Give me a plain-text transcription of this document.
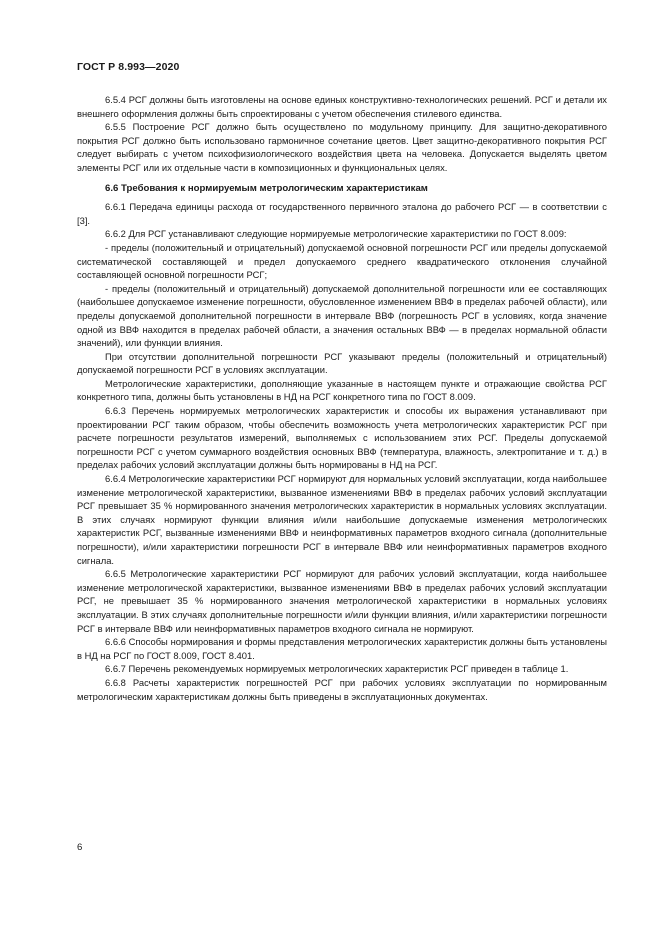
ГОСТ Р 8.993—2020

6.5.4 РСГ должны быть изготовлены на основе единых конструктивно-технологических решений. РСГ и детали их внешнего оформления должны быть спроектированы с учетом обеспечения стилевого единства.

6.5.5 Построение РСГ должно быть осуществлено по модульному принципу. Для защитно-декоративного покрытия РСГ должно быть использовано гармоничное сочетание цветов. Цвет защитно-декоративного покрытия РСГ следует выбирать с учетом психофизиологического воздействия цвета на человека. Допускается выделять цветом элементы РСГ или их отдельные части в композиционных и функциональных целях.

6.6 Требования к нормируемым метрологическим характеристикам

6.6.1 Передача единицы расхода от государственного первичного эталона до рабочего РСГ — в соответствии с [3].

6.6.2 Для РСГ устанавливают следующие нормируемые метрологические характеристики по ГОСТ 8.009:

- пределы (положительный и отрицательный) допускаемой основной погрешности РСГ или пределы допускаемой систематической составляющей и предел допускаемого среднего квадратического отклонения случайной составляющей основной погрешности РСГ;

- пределы (положительный и отрицательный) допускаемой дополнительной погрешности или ее составляющих (наибольшее допускаемое изменение погрешности, обусловленное изменением ВВФ в пределах рабочей области), или пределы допускаемой дополнительной погрешности в интервале ВВФ (погрешность РСГ в условиях, когда значение одной из ВВФ находится в пределах рабочей области, а значения остальных ВВФ — в пределах нормальной области значений), или функции влияния.

При отсутствии дополнительной погрешности РСГ указывают пределы (положительный и отрицательный) допускаемой погрешности РСГ в условиях эксплуатации.

Метрологические характеристики, дополняющие указанные в настоящем пункте и отражающие свойства РСГ конкретного типа, должны быть установлены в НД на РСГ конкретного типа по ГОСТ 8.009.

6.6.3 Перечень нормируемых метрологических характеристик и способы их выражения устанавливают при проектировании РСГ таким образом, чтобы обеспечить возможность учета метрологических характеристик РСГ при расчете погрешности результатов измерений, выполняемых с использованием этих РСГ. Пределы допускаемой погрешности РСГ с учетом суммарного воздействия основных ВВФ (температура, влажность, электропитание и т. д.) в пределах рабочих условий эксплуатации должны быть нормированы в НД на РСГ.

6.6.4 Метрологические характеристики РСГ нормируют для нормальных условий эксплуатации, когда наибольшее изменение метрологической характеристики, вызванное изменениями ВВФ в пределах рабочих условий эксплуатации РСГ превышает 35 % нормированного значения метрологических характеристик в нормальных условиях эксплуатации. В этих случаях нормируют функции влияния и/или наибольшие допускаемые изменения метрологических характеристик РСГ, вызванные изменениями ВВФ и неинформативных параметров входного сигнала (дополнительные погрешности), и/или характеристики погрешности РСГ в интервале ВВФ или неинформативных параметров входного сигнала.

6.6.5 Метрологические характеристики РСГ нормируют для рабочих условий эксплуатации, когда наибольшее изменение метрологической характеристики, вызванное изменениями ВВФ в пределах рабочих условий эксплуатации РСГ, не превышает 35 % нормированного значения метрологической характеристики в нормальных условиях эксплуатации. В этих случаях дополнительные погрешности и/или функции влияния, и/или характеристики погрешности РСГ в интервале ВВФ или неинформативных параметров входного сигнала не нормируют.

6.6.6 Способы нормирования и формы представления метрологических характеристик должны быть установлены в НД на РСГ по ГОСТ 8.009, ГОСТ 8.401.

6.6.7 Перечень рекомендуемых нормируемых метрологических характеристик РСГ приведен в таблице 1.

6.6.8 Расчеты характеристик погрешностей РСГ при рабочих условиях эксплуатации по нормированным метрологическим характеристикам должны быть приведены в эксплуатационных документах.

6
